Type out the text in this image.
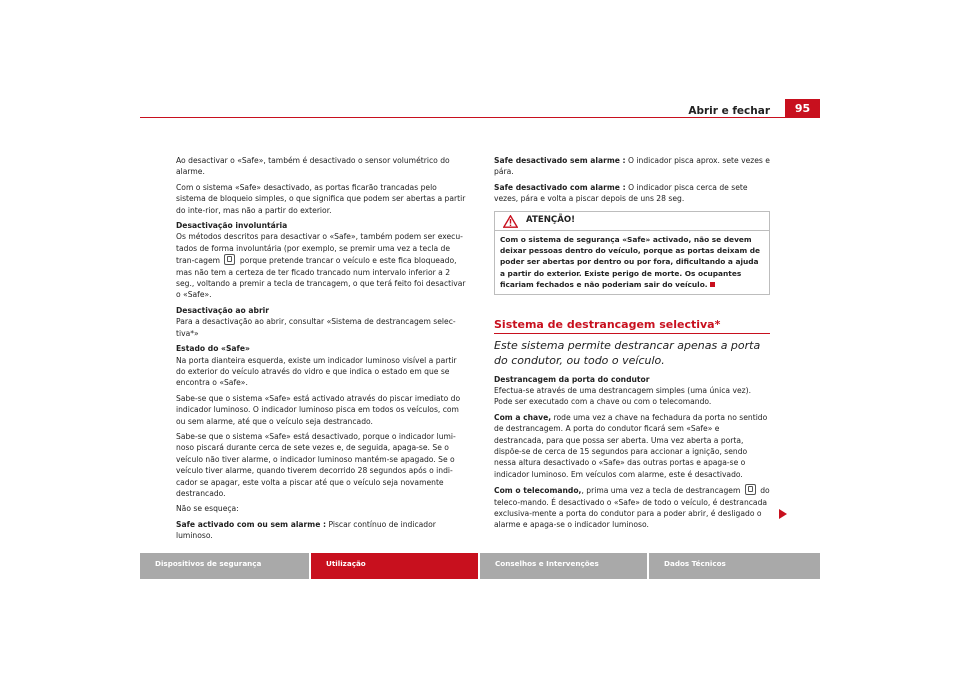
Abrir e fechar	95

Ao desactivar o «Safe», também é desactivado o sensor volumétrico do alarme.

Com o sistema «Safe» desactivado, as portas ficarão trancadas pelo sistema de bloqueio simples, o que significa que podem ser abertas a partir do inte-rior, mas não a partir do exterior.

Desactivação involuntária

Os métodos descritos para desactivar o «Safe», também podem ser execu-tados de forma involuntária (por exemplo, se premir uma vez a tecla de tran-cagem	porque pretende trancar o veículo e este fica bloqueado, mas não tem a certeza de ter ficado trancado num intervalo inferior a 2 seg., voltando a premir a tecla de trancagem, o que terá feito foi desactivar o «Safe».

Desactivação ao abrir

Para a desactivação ao abrir, consultar «Sistema de destrancagem selec-tiva*»

Estado do «Safe»

Na porta dianteira esquerda, existe um indicador luminoso visível a partir do exterior do veículo através do vidro e que indica o estado em que se encontra o «Safe».

Sabe-se que o sistema «Safe» está activado através do piscar imediato do indicador luminoso. O indicador luminoso pisca em todos os veículos, com ou sem alarme, até que o veículo seja destrancado.

Sabe-se que o sistema «Safe» está desactivado, porque o indicador lumi-noso piscará durante cerca de sete vezes e, de seguida, apaga-se. Se o veículo não tiver alarme, o indicador luminoso mantém-se apagado. Se o veículo tiver alarme, quando tiverem decorrido 28 segundos após o indi-cador se apagar, este volta a piscar até que o veículo seja novamente destrancado.

Não se esqueça:

Safe activado com ou sem alarme : Piscar contínuo de indicador luminoso.

Safe desactivado sem alarme : O indicador pisca aprox. sete vezes e pára.

Safe desactivado com alarme : O indicador pisca cerca de sete vezes, pára e volta a piscar depois de uns 28 seg.

ATENÇÃO!
Com o sistema de segurança «Safe» activado, não se devem deixar pessoas dentro do veículo, porque as portas deixam de poder ser abertas por dentro ou por fora, dificultando a ajuda a partir do exterior. Existe perigo de morte. Os ocupantes ficariam fechados e não poderiam sair do veículo.
Sistema de destrancagem selectiva*
Este sistema permite destrancar apenas a porta do condutor, ou todo o veículo.

Destrancagem da porta do condutor

Efectua-se através de uma destrancagem simples (uma única vez). Pode ser executado com a chave ou com o telecomando.

Com a chave, rode uma vez a chave na fechadura da porta no sentido de destrancagem. A porta do condutor ficará sem «Safe» e destrancada, para que possa ser aberta. Uma vez aberta a porta, dispõe-se de cerca de 15 segundos para accionar a ignição, sendo nessa altura desactivado o «Safe» das outras portas e apaga-se o indicador luminoso. Em veículos com alarme, este é desactivado.

Com o telecomando,, prima uma vez a tecla de destrancagem	do teleco-mando. É desactivado o «Safe» de todo o veículo, é destrancada exclusiva-mente a porta do condutor para a poder abrir, é desligado o alarme e apaga-se o indicador luminoso.

Dispositivos de segurança	Utilização	Conselhos e Intervenções	Dados Técnicos
